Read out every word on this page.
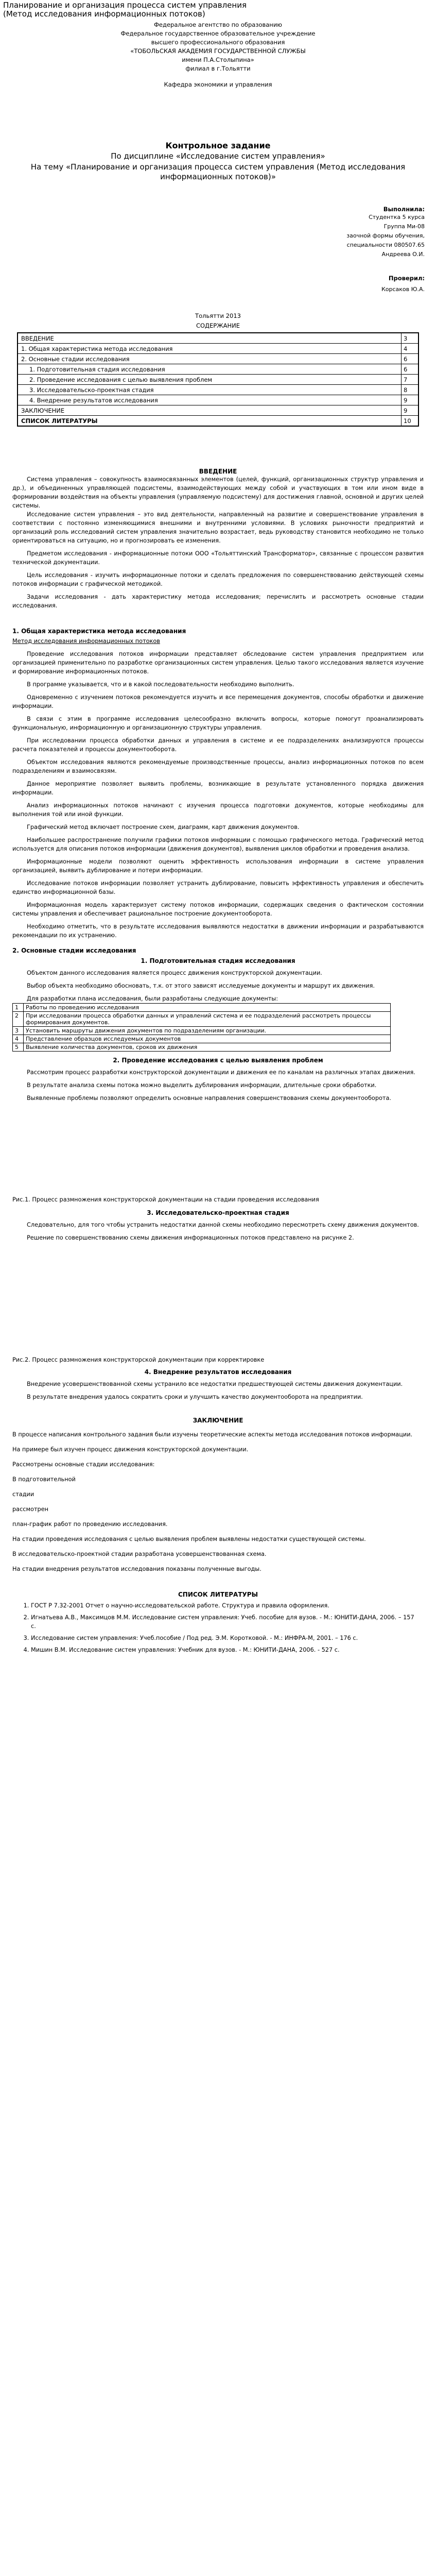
Планирование и организация процесса систем управления
(Метод исследования информационных потоков)

Федеральное агентство по образованию

Федеральное государственное образовательное учреждение

высшего профессионального образования

«ТОБОЛЬСКАЯ АКАДЕМИЯ ГОСУДАРСТВЕННОЙ СЛУЖБЫ

имени П.А.Столыпина»

филиал в г.Тольятти

Кафедра экономики и управления

Контрольное задание

По дисциплине «Исследование систем управления»

На тему «Планирование и организация процесса систем управления (Метод исследования информационных потоков)»

Выполнила:

Студентка 5 курса

Группа Ми-08

заочной формы обучения,

специальности 080507.65

Андреева О.И.

Проверил:

Корсаков Ю.А.

Тольятти 2013

СОДЕРЖАНИЕ

ВВЕДЕНИЕ	3
1. Общая характеристика метода исследования	4
2. Основные стадии исследования	6
1. Подготовительная стадия исследования	6
2. Проведение исследования с целью выявления проблем	7
3. Исследовательско-проектная стадия	8
4. Внедрение результатов исследования	9
ЗАКЛЮЧЕНИЕ	9
СПИСОК ЛИТЕРАТУРЫ	10

ВВЕДЕНИЕ

Система управления – совокупность взаимосвязанных элементов (целей, функций, организационных структур управления и др.), и объединенных управляющей подсистемы, взаимодействующих между собой и участвующих в том или ином виде в формировании воздействия на объекты управления (управляемую подсистему) для достижения главной, основной и других целей системы.

Исследование систем управления – это вид деятельности, направленный на развитие и совершенствование управления в соответствии с постоянно изменяющимися внешними и внутренними условиями. В условиях рыночности предприятий и организаций роль исследований систем управления значительно возрастает, ведь руководству становится необходимо не только ориентироваться на ситуацию, но и прогнозировать ее изменения.

Предметом исследования - информационные потоки ООО «Тольяттинский Трансформатор», связанные с процессом развития технической документации.

Цель исследования - изучить информационные потоки и сделать предложения по совершенствованию действующей схемы потоков информации с графической методикой.

Задачи исследования - дать характеристику метода исследования; перечислить и рассмотреть основные стадии исследования.

1. Общая характеристика метода исследования

Метод исследования информационных потоков

Проведение исследования потоков информации представляет обследование систем управления предприятием или организацией применительно по разработке организационных систем управления. Целью такого исследования является изучение и формирование информационных потоков.

В программе указывается, что и в какой последовательности необходимо выполнить.

Одновременно с изучением потоков рекомендуется изучить и все перемещения документов, способы обработки и движение информации.

В связи с этим в программе исследования целесообразно включить вопросы, которые помогут проанализировать функциональную, информационную и организационную структуры управления.

При исследовании процесса обработки данных и управления в системе и ее подразделениях анализируются процессы расчета показателей и процессы документооборота.

Объектом исследования являются рекомендуемые производственные процессы, анализ информационных потоков по всем подразделениям и взаимосвязям.

Данное мероприятие позволяет выявить проблемы, возникающие в результате установленного порядка движения информации.

Анализ информационных потоков начинают с изучения процесса подготовки документов, которые необходимы для выполнения той или иной функции.

Графический метод включает построение схем, диаграмм, карт движения документов.

Наибольшее распространение получили графики потоков информации с помощью графического метода. Графический метод используется для описания потоков информации (движения документов), выявления циклов обработки и проведения анализа.

Информационные модели позволяют оценить эффективность использования информации в системе управления организацией, выявить дублирование и потери информации.

Исследование потоков информации позволяет устранить дублирование, повысить эффективность управления и обеспечить единство информационной базы.

Информационная модель характеризует систему потоков информации, содержащих сведения о фактическом состоянии системы управления и обеспечивает рациональное построение документооборота.

Необходимо отметить, что в результате исследования выявляются недостатки в движении информации и разрабатываются рекомендации по их устранению.

2. Основные стадии исследования

1. Подготовительная стадия исследования

Объектом данного исследования является процесс движения конструкторской документации.

Выбор объекта необходимо обосновать, т.к. от этого зависят исследуемые документы и маршрут их движения.

Для разработки плана исследования, были разработаны следующие документы:

1	Работы по проведению исследования
2	При исследовании процесса обработки данных и управлений система и ее подразделений рассмотреть процессы формирования документов.
3	Установить маршруты движения документов по подразделениям организации.
4	Представление образцов исследуемых документов
5	Выявление количества документов, сроков их движения

2. Проведение исследования с целью выявления проблем

Рассмотрим процесс разработки конструкторской документации и движения ее по каналам на различных этапах движения.

В результате анализа схемы потока можно выделить дублирования информации, длительные сроки обработки.

Выявленные проблемы позволяют определить основные направления совершенствования схемы документооборота.

Рис.1. Процесс размножения конструкторской документации на стадии проведения исследования

3. Исследовательско-проектная стадия

Следовательно, для того чтобы устранить недостатки данной схемы необходимо пересмотреть схему движения документов.

Решение по совершенствованию схемы движения информационных потоков представлено на рисунке 2.

Рис.2. Процесс размножения конструкторской документации при корректировке

4. Внедрение результатов исследования

Внедрение усовершенствованной схемы устранило все недостатки предшествующей системы движения документации.

В результате внедрения удалось сократить сроки и улучшить качество документооборота на предприятии.

ЗАКЛЮЧЕНИЕ

В процессе написания контрольного задания были изучены теоретические аспекты метода исследования потоков информации.

На примере был изучен процесс движения конструкторской документации.

Рассмотрены основные стадии исследования:

В подготовительной

стадии

рассмотрен

план-график работ по проведению исследования.

На стадии проведения исследования с целью выявления проблем выявлены недостатки существующей системы.

В исследовательско-проектной стадии разработана усовершенствованная схема.

На стадии внедрения результатов исследования показаны полученные выгоды.

СПИСОК ЛИТЕРАТУРЫ

1. ГОСТ Р 7.32-2001 Отчет о научно-исследовательской работе. Структура и правила оформления.
2. Игнатьева А.В., Максимцов М.М. Исследование систем управления: Учеб. пособие для вузов. - М.: ЮНИТИ-ДАНА, 2006. – 157 с.
3. Исследование систем управления: Учеб.пособие / Под ред. Э.М. Коротковой. - М.: ИНФРА-М, 2001. – 176 с.
4. Мишин В.М. Исследование систем управления: Учебник для вузов. - М.: ЮНИТИ-ДАНА, 2006. - 527 с.
